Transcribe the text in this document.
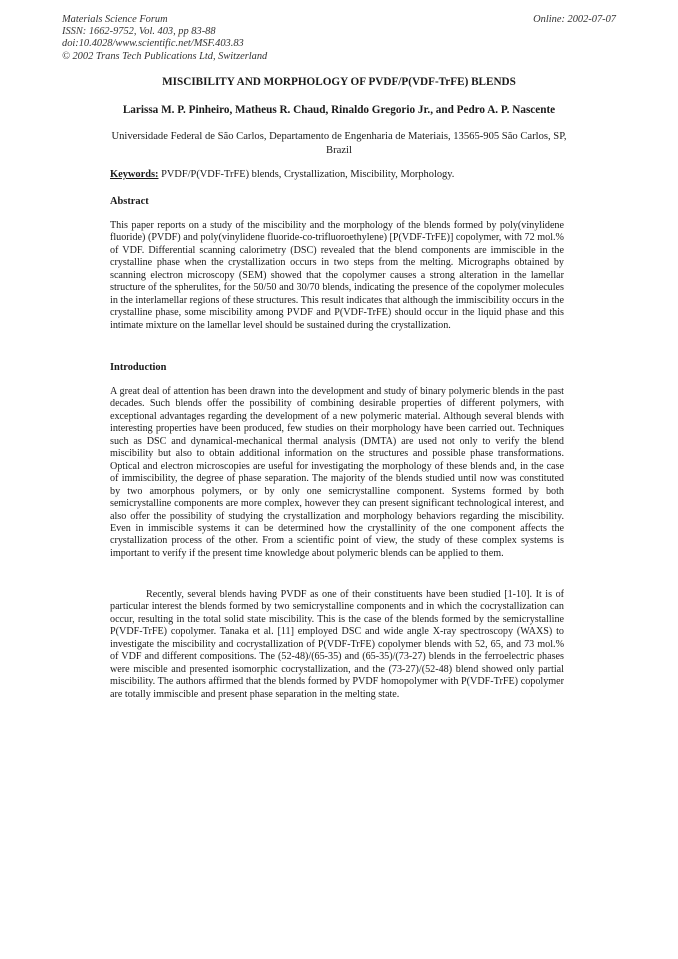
Materials Science Forum
ISSN: 1662-9752, Vol. 403, pp 83-88
doi:10.4028/www.scientific.net/MSF.403.83
© 2002 Trans Tech Publications Ltd, Switzerland
Online: 2002-07-07
MISCIBILITY AND MORPHOLOGY OF PVDF/P(VDF-TrFE) BLENDS
Larissa M. P. Pinheiro, Matheus R. Chaud, Rinaldo Gregorio Jr., and Pedro A. P. Nascente
Universidade Federal de São Carlos, Departamento de Engenharia de Materiais, 13565-905 São Carlos, SP, Brazil
Keywords: PVDF/P(VDF-TrFE) blends, Crystallization, Miscibility, Morphology.
Abstract
This paper reports on a study of the miscibility and the morphology of the blends formed by poly(vinylidene fluoride) (PVDF) and poly(vinylidene fluoride-co-trifluoroethylene) [P(VDF-TrFE)] copolymer, with 72 mol.% of VDF. Differential scanning calorimetry (DSC) revealed that the blend components are immiscible in the crystalline phase when the crystallization occurs in two steps from the melting. Micrographs obtained by scanning electron microscopy (SEM) showed that the copolymer causes a strong alteration in the lamellar structure of the spherulites, for the 50/50 and 30/70 blends, indicating the presence of the copolymer molecules in the interlamellar regions of these structures. This result indicates that although the immiscibility occurs in the crystalline phase, some miscibility among PVDF and P(VDF-TrFE) should occur in the liquid phase and this intimate mixture on the lamellar level should be sustained during the crystallization.
Introduction
A great deal of attention has been drawn into the development and study of binary polymeric blends in the past decades. Such blends offer the possibility of combining desirable properties of different polymers, with exceptional advantages regarding the development of a new polymeric material. Although several blends with interesting properties have been produced, few studies on their morphology have been carried out. Techniques such as DSC and dynamical-mechanical thermal analysis (DMTA) are used not only to verify the blend miscibility but also to obtain additional information on the structures and possible phase transformations. Optical and electron microscopies are useful for investigating the morphology of these blends and, in the case of immiscibility, the degree of phase separation. The majority of the blends studied until now was constituted by two amorphous polymers, or by only one semicrystalline component. Systems formed by both semicrystalline components are more complex, however they can present significant technological interest, and also offer the possibility of studying the crystallization and morphology behaviors regarding the miscibility. Even in immiscible systems it can be determined how the crystallinity of the one component affects the crystallization process of the other. From a scientific point of view, the study of these complex systems is important to verify if the present time knowledge about polymeric blends can be applied to them.
Recently, several blends having PVDF as one of their constituents have been studied [1-10]. It is of particular interest the blends formed by two semicrystalline components and in which the cocrystallization can occur, resulting in the total solid state miscibility. This is the case of the blends formed by the semicrystalline P(VDF-TrFE) copolymer. Tanaka et al. [11] employed DSC and wide angle X-ray spectroscopy (WAXS) to investigate the miscibility and cocrystallization of P(VDF-TrFE) copolymer blends with 52, 65, and 73 mol.% of VDF and different compositions. The (52-48)/(65-35) and (65-35)/(73-27) blends in the ferroelectric phases were miscible and presented isomorphic cocrystallization, and the (73-27)/(52-48) blend showed only partial miscibility. The authors affirmed that the blends formed by PVDF homopolymer with P(VDF-TrFE) copolymer are totally immiscible and present phase separation in the melting state.
